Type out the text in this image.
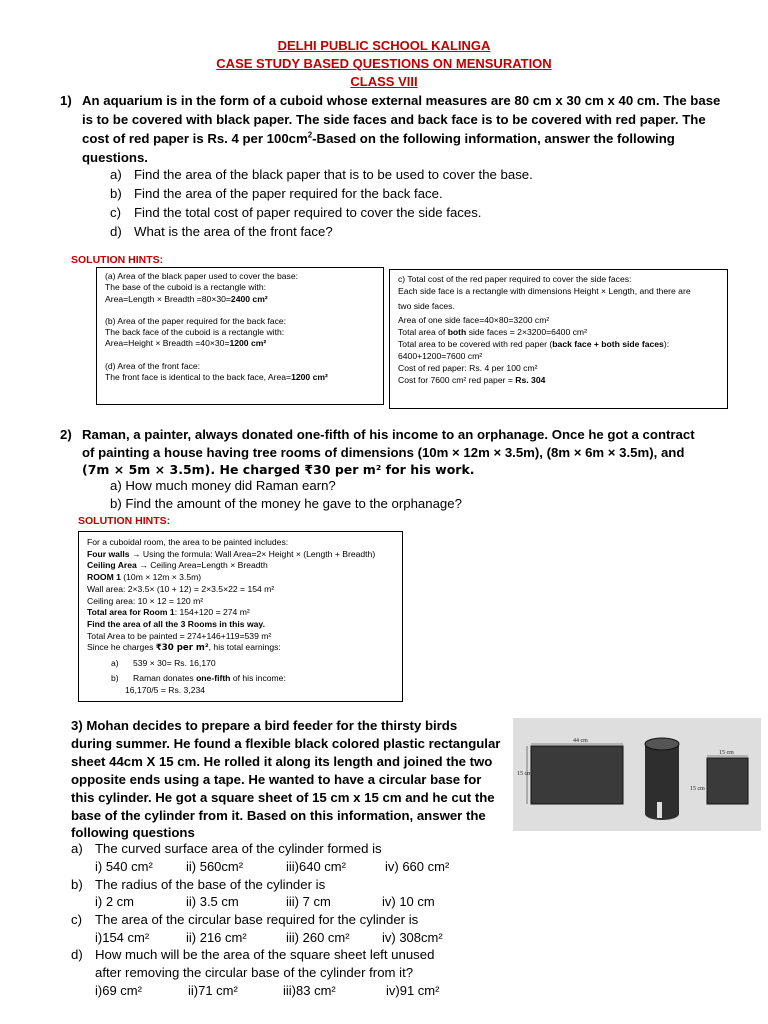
DELHI PUBLIC SCHOOL KALINGA
CASE STUDY BASED QUESTIONS ON MENSURATION
CLASS VIII
1) An aquarium is in the form of a cuboid whose external measures are 80 cm x 30 cm x 40 cm. The base
is to be covered with black paper. The side faces and back face is to be covered with red paper. The
cost of red paper is Rs. 4 per $100cm^2$-Based on the following information, answer the following
questions.
a) Find the area of the black paper that is to be used to cover the base.
b) Find the area of the paper required for the back face.
c) Find the total cost of paper required to cover the side faces.
d) What is the area of the front face?
SOLUTION HINTS:
(a) Area of the black paper used to cover the base:
The base of the cuboid is a rectangle with:
Area=Length × Breadth =80×30=2400 cm²
(b) Area of the paper required for the back face:
The back face of the cuboid is a rectangle with:
Area=Height × Breadth =40×30=1200 cm²
(d) Area of the front face:
The front face is identical to the back face, Area=1200 cm²
c) Total cost of the red paper required to cover the side faces:
Each side face is a rectangle with dimensions Height × Length, and there are
two side faces.
Area of one side face=40×80=3200 cm²
Total area of both side faces = 2×3200=6400 cm²
Total area to be covered with red paper (back face + both side faces):
6400+1200=7600 cm²
Cost of red paper: Rs. 4 per 100 cm²
Cost for 7600 cm² red paper = Rs. 304
2) Raman, a painter, always donated one-fifth of his income to an orphanage. Once he got a contract
of painting a house having tree rooms of dimensions (10m × 12m × 3.5m), (8m × 6m × 3.5m), and
(7m × 5m × 3.5m). He charged ₹30 per m² for his work.
a) How much money did Raman earn?
b) Find the amount of the money he gave to the orphanage?
SOLUTION HINTS:
For a cuboidal room, the area to be painted includes:
Four walls → Using the formula: Wall Area=2× Height × (Length + Breadth)
Ceiling Area → Ceiling Area=Length × Breadth
ROOM 1 (10m × 12m × 3.5m)
Wall area: 2×3.5× (10 + 12) = 2×3.5×22 = 154 m²
Ceiling area: 10 × 12 = 120 m²
Total area for Room 1: 154+120 = 274 m²
Find the area of all the 3 Rooms in this way.
Total Area to be painted = 274+146+119=539 m²
Since he charges ₹30 per m², his total earnings:
a) 539 × 30= Rs. 16,170
b) Raman donates one-fifth of his income:
16,170/5 = Rs. 3,234
3) Mohan decides to prepare a bird feeder for the thirsty birds
during summer. He found a flexible black colored plastic rectangular
sheet 44cm X 15 cm. He rolled it along its length and joined the two
opposite ends using a tape. He wanted to have a circular base for
this cylinder. He got a square sheet of 15 cm x 15 cm and he cut the
base of the cylinder from it. Based on this information, answer the
following questions
44 cm
15 cm
15 cm
15 cm
a) The curved surface area of the cylinder formed is
i) 540 cm²	ii) 560cm²	iii)640 cm²	iv) 660 cm²
b) The radius of the base of the cylinder is
i) 2 cm	ii) 3.5 cm	iii) 7 cm	iv) 10 cm
c) The area of the circular base required for the cylinder is
i)154 cm²	ii) 216 cm²	iii) 260 cm² iv) 308cm²
d) How much will be the area of the square sheet left unused
after removing the circular base of the cylinder from it?
i)69 cm²	ii)71 cm²	iii)83 cm²	iv)91 cm²
